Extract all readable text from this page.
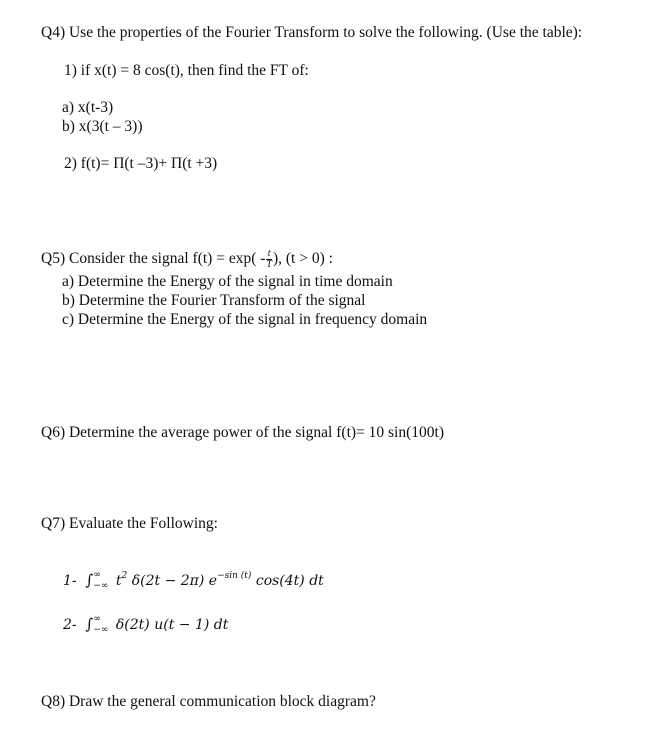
Q4) Use the properties of the Fourier Transform to solve the following. (Use the table):
1) if x(t) = 8 cos(t), then find the FT of:
a) x(t-3)
b) x(3(t – 3))
2) f(t)= Π(t –3)+ Π(t +3)
Q5) Consider the signal $f(t) = \exp( - \frac{t}{T}$ ), (t > 0) :
a) Determine the Energy of the signal in time domain
b) Determine the Fourier Transform of the signal
c) Determine the Energy of the signal in frequency domain
Q6) Determine the average power of the signal f(t)= 10 sin(100t)
Q7) Evaluate the Following:
1- ∫ ∞
−∞ $t^2$ δ(2t − 2π) $e^{-sin (t)}$ cos(4t) dt
2- ∫ ∞
−∞ δ(2t) u(t − 1) dt
Q8) Draw the general communication block diagram?
